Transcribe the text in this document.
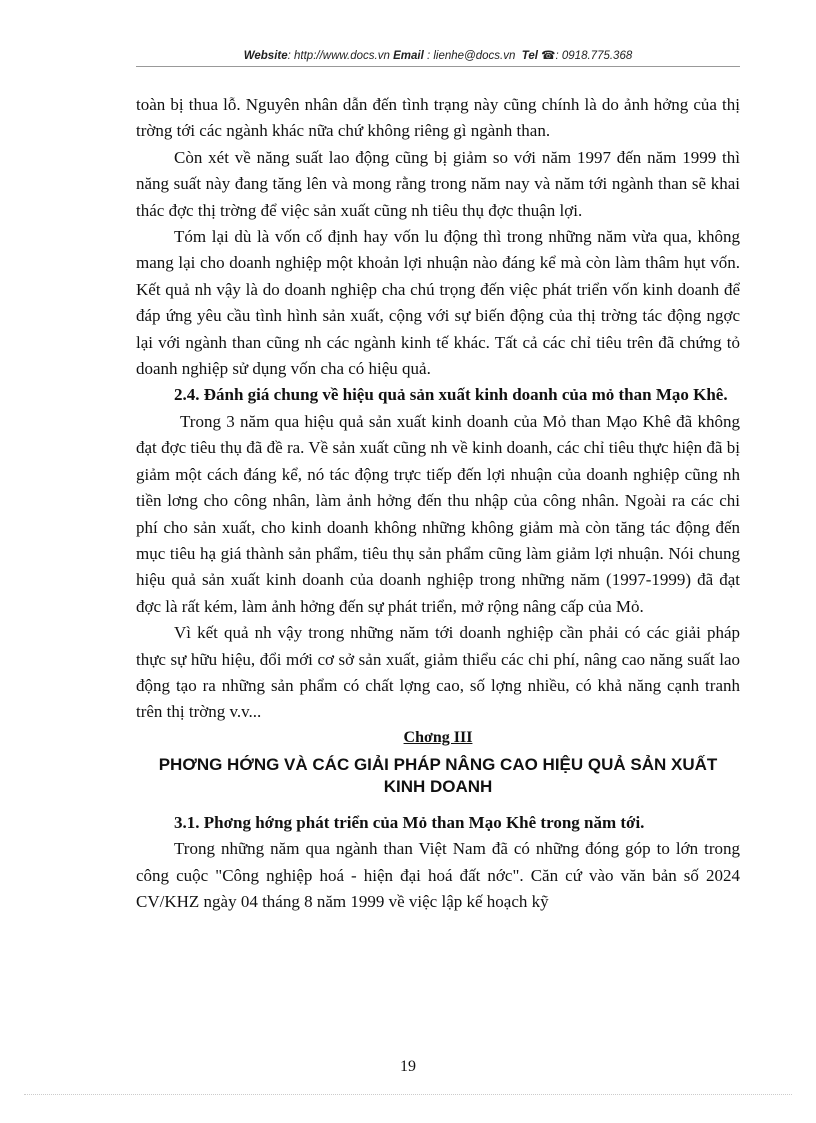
Website: http://www.docs.vn Email : lienhe@docs.vn Tel ☎: 0918.775.368

toàn bị thua lỗ. Nguyên nhân dẫn đến tình trạng này cũng chính là do ảnh hởng của thị trờng tới các ngành khác nữa chứ không riêng gì ngành than.

Còn xét về năng suất lao động cũng bị giảm so với năm 1997 đến năm 1999 thì năng suất này đang tăng lên và mong rằng trong năm nay và năm tới ngành than sẽ khai thác đợc thị trờng để việc sản xuất cũng nh tiêu thụ đợc thuận lợi.

Tóm lại dù là vốn cố định hay vốn lu động thì trong những năm vừa qua, không mang lại cho doanh nghiệp một khoản lợi nhuận nào đáng kể mà còn làm thâm hụt vốn. Kết quả nh vậy là do doanh nghiệp cha chú trọng đến việc phát triển vốn kinh doanh để đáp ứng yêu cầu tình hình sản xuất, cộng với sự biến động của thị trờng tác động ngợc lại với ngành than cũng nh các ngành kinh tế khác. Tất cả các chỉ tiêu trên đã chứng tỏ doanh nghiệp sử dụng vốn cha có hiệu quả.

2.4. Đánh giá chung về hiệu quả sản xuất kinh doanh của mỏ than Mạo Khê.

Trong 3 năm qua hiệu quả sản xuất kinh doanh của Mỏ than Mạo Khê đã không đạt đợc tiêu thụ đã đề ra. Về sản xuất cũng nh về kinh doanh, các chỉ tiêu thực hiện đã bị giảm một cách đáng kể, nó tác động trực tiếp đến lợi nhuận của doanh nghiệp cũng nh tiền lơng cho công nhân, làm ảnh hởng đến thu nhập của công nhân. Ngoài ra các chi phí cho sản xuất, cho kinh doanh không những không giảm mà còn tăng tác động đến mục tiêu hạ giá thành sản phẩm, tiêu thụ sản phẩm cũng làm giảm lợi nhuận. Nói chung hiệu quả sản xuất kinh doanh của doanh nghiệp trong những năm (1997-1999) đã đạt đợc là rất kém, làm ảnh hởng đến sự phát triển, mở rộng nâng cấp của Mỏ.

Vì kết quả nh vậy trong những năm tới doanh nghiệp cần phải có các giải pháp thực sự hữu hiệu, đổi mới cơ sở sản xuất, giảm thiểu các chi phí, nâng cao năng suất lao động tạo ra những sản phẩm có chất lợng cao, số lợng nhiều, có khả năng cạnh tranh trên thị trờng v.v...

Chơng III

PHƠNG HỚNG VÀ CÁC GIẢI PHÁP NÂNG CAO HIỆU QUẢ SẢN XUẤT KINH DOANH

3.1. Phơng hớng phát triển của Mỏ than Mạo Khê trong năm tới.

Trong những năm qua ngành than Việt Nam đã có những đóng góp to lớn trong công cuộc "Công nghiệp hoá - hiện đại hoá đất nớc". Căn cứ vào văn bản số 2024 CV/KHZ ngày 04 tháng 8 năm 1999 về việc lập kế hoạch kỹ

19
